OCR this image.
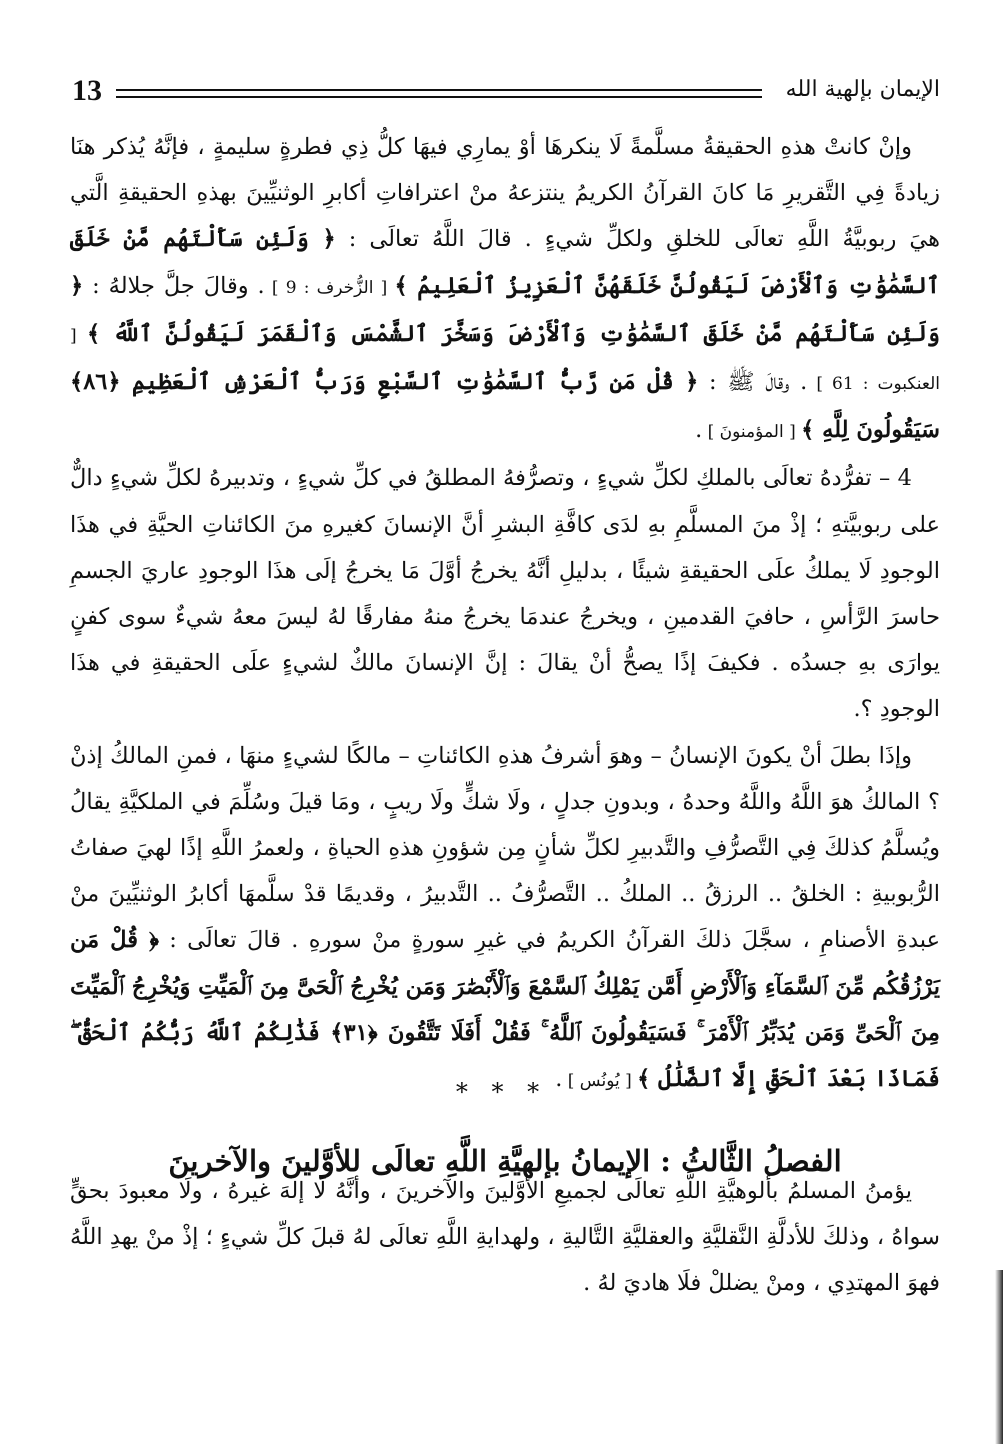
13	الإيمان بإلهية الله

وإنْ كانتْ هذهِ الحقيقةُ مسلَّمةً لَا ينكرهَا أوْ يمارِي فيهَا كلُّ ذِي فطرةٍ سليمةٍ ، فإنَّهُ يُذكر هنَا زيادةً فِي التَّقريرِ مَا كانَ القرآنُ الكريمُ ينتزعهُ منْ اعترافاتِ أكابرِ الوثنيِّينَ بهذهِ الحقيقةِ الَّتي هيَ ربوبيَّةُ اللَّهِ تعالَى للخلقِ ولكلِّ شيءٍ . قالَ اللَّهُ تعالَى : ﴿ وَلَئِن سَأَلْتَهُم مَّنْ خَلَقَ ٱلسَّمَٰوَٰتِ وَٱلْأَرْضَ لَيَقُولُنَّ خَلَقَهُنَّ ٱلْعَزِيزُ ٱلْعَلِيمُ ﴾ [ الزُّخرف : 9 ] . وقالَ جلَّ جلالهُ : ﴿ وَلَئِن سَأَلْتَهُم مَّنْ خَلَقَ ٱلسَّمَٰوَٰتِ وَٱلْأَرْضَ وَسَخَّرَ ٱلشَّمْسَ وَٱلْقَمَرَ لَيَقُولُنَّ ٱللَّهُ ﴾ [ العنكبوت : 61 ] . وقالَ ﷺ : ﴿ قُلْ مَن رَّبُّ ٱلسَّمَٰوَٰتِ ٱلسَّبْعِ وَرَبُّ ٱلْعَرْشِ ٱلْعَظِيمِ ﴿٨٦﴾ سَيَقُولُونَ لِلَّهِ ﴾ [ المؤمنونَ ] .

4 – تفرُّدهُ تعالَى بالملكِ لكلِّ شيءٍ ، وتصرُّفهُ المطلقُ في كلِّ شيءٍ ، وتدبيرهُ لكلِّ شيءٍ دالٌّ على ربوبيَّتهِ ؛ إذْ منَ المسلَّمِ بهِ لدَى كافَّةِ البشرِ أنَّ الإنسانَ كغيرهِ منَ الكائناتِ الحيَّةِ في هذَا الوجودِ لَا يملكُ علَى الحقيقةِ شيئًا ، بدليلِ أنَّهُ يخرجُ أوَّلَ مَا يخرجُ إلَى هذَا الوجودِ عاريَ الجسمِ حاسرَ الرَّأسِ ، حافيَ القدمينِ ، ويخرجُ عندمَا يخرجُ منهُ مفارقًا لهُ ليسَ معهُ شيءٌ سوى كفنٍ يوارَى بهِ جسدُه . فكيفَ إذًا يصحُّ أنْ يقالَ : إنَّ الإنسانَ مالكٌ لشيءٍ علَى الحقيقةِ في هذَا الوجودِ ؟.

وإذَا بطلَ أنْ يكونَ الإنسانُ – وهوَ أشرفُ هذهِ الكائناتِ – مالكًا لشيءٍ منهَا ، فمنِ المالكُ إذنْ ؟ المالكُ هوَ اللَّهُ واللَّهُ وحدهُ ، وبدونِ جدلٍ ، ولَا شكٍّ ولَا ريبٍ ، ومَا قيلَ وسُلِّمَ في الملكيَّةِ يقالُ ويُسلَّمُ كذلكَ فِي التَّصرُّفِ والتَّدبيرِ لكلِّ شأنٍ مِن شؤونِ هذهِ الحياةِ ، ولعمرُ اللَّهِ إذًا لهيَ صفاتُ الرُّبوبيةِ : الخلقُ .. الرزقُ .. الملكُ .. التَّصرُّفُ .. التَّدبيرُ ، وقديمًا قدْ سلَّمهَا أكابرُ الوثنيِّينَ منْ عبدةِ الأصنامِ ، سجَّلَ ذلكَ القرآنُ الكريمُ في غيرِ سورةٍ منْ سورهِ . قالَ تعالَى : ﴿ قُلْ مَن يَرْزُقُكُم مِّنَ ٱلسَّمَآءِ وَٱلْأَرْضِ أَمَّن يَمْلِكُ ٱلسَّمْعَ وَٱلْأَبْصَٰرَ وَمَن يُخْرِجُ ٱلْحَىَّ مِنَ ٱلْمَيِّتِ وَيُخْرِجُ ٱلْمَيِّتَ مِنَ ٱلْحَىِّ وَمَن يُدَبِّرُ ٱلْأَمْرَ ۚ فَسَيَقُولُونَ ٱللَّهُ ۚ فَقُلْ أَفَلَا تَتَّقُونَ ﴿٣١﴾ فَذَٰلِكُمُ ٱللَّهُ رَبُّكُمُ ٱلْحَقُّ ۖ فَمَاذَا بَعْدَ ٱلْحَقِّ إِلَّا ٱلضَّلَٰلُ ﴾ [ يُونُس ] .

* * *
الفصلُ الثَّالثُ : الإيمانُ بإلهيَّةِ اللَّهِ تعالَى للأوَّلينَ والآخرينَ

يؤمنُ المسلمُ بألوهيَّةِ اللَّهِ تعالَى لجميعِ الأوَّلينَ والآخرينَ ، وأنَّهُ لَا إلهَ غيرهُ ، ولَا معبودَ بحقٍّ سواهُ ، وذلكَ للأدلَّةِ النَّقليَّةِ والعقليَّةِ التَّاليةِ ، ولهدايةِ اللَّهِ تعالَى لهُ قبلَ كلِّ شيءٍ ؛ إذْ منْ يهدِ اللَّهُ فهوَ المهتدِي ، ومنْ يضللْ فلَا هاديَ لهُ .
